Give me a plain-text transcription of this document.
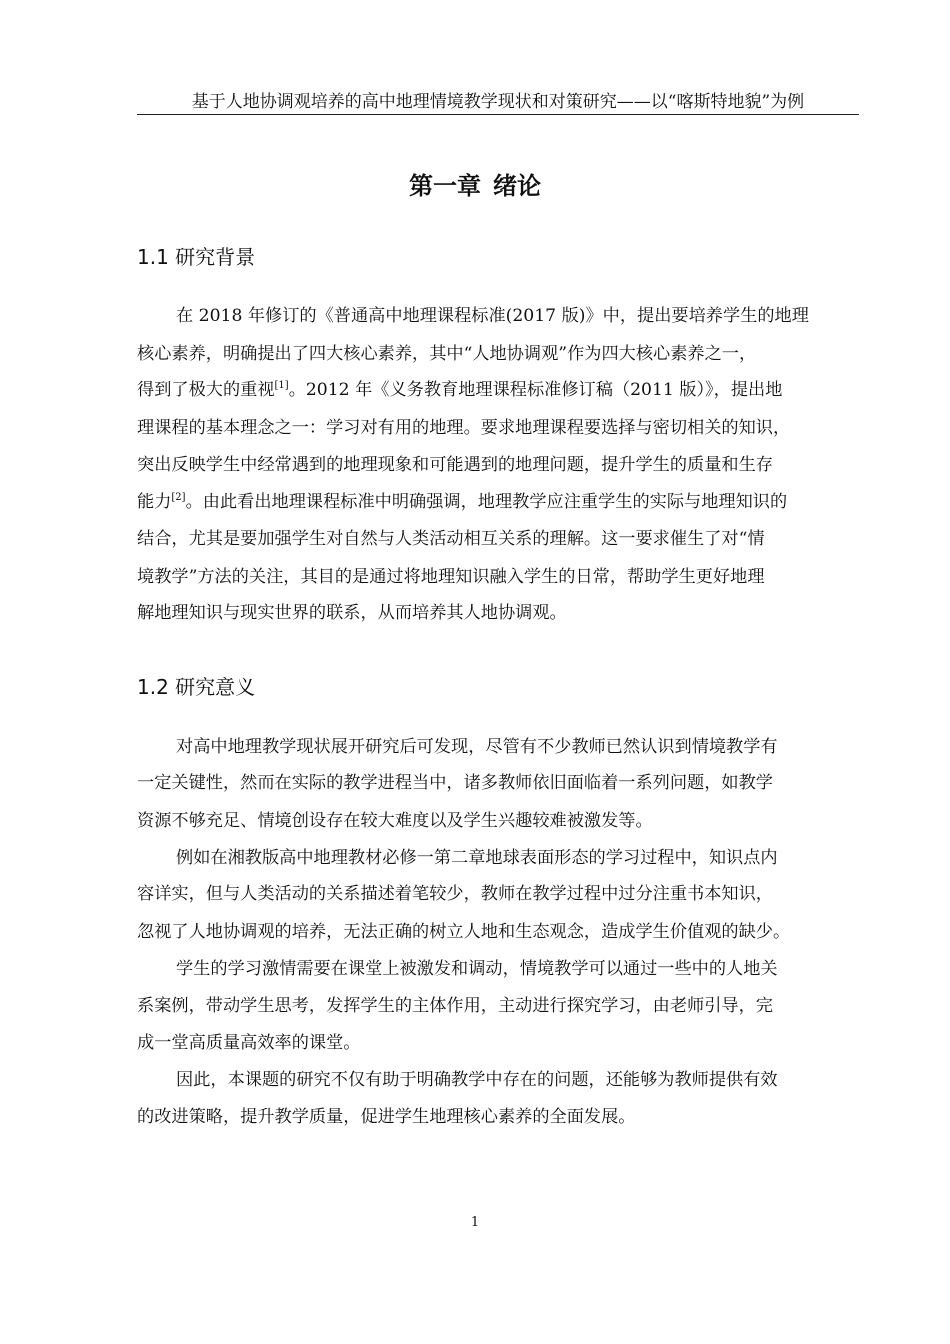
基于人地协调观培养的高中地理情境教学现状和对策研究——以“喀斯特地貌”为例
第一章 绪论
1.1 研究背景
在 2018 年修订的《普通高中地理课程标准(2017 版)》中，提出要培养学生的地理
核心素养，明确提出了四大核心素养，其中“人地协调观”作为四大核心素养之一，
得到了极大的重视[1]。2012 年《义务教育地理课程标准修订稿（2011 版）》，提出地
理课程的基本理念之一：学习对有用的地理。要求地理课程要选择与密切相关的知识，
突出反映学生中经常遇到的地理现象和可能遇到的地理问题，提升学生的质量和生存
能力[2]。由此看出地理课程标准中明确强调，地理教学应注重学生的实际与地理知识的
结合，尤其是要加强学生对自然与人类活动相互关系的理解。这一要求催生了对“情
境教学”方法的关注，其目的是通过将地理知识融入学生的日常，帮助学生更好地理
解地理知识与现实世界的联系，从而培养其人地协调观。
1.2 研究意义
对高中地理教学现状展开研究后可发现，尽管有不少教师已然认识到情境教学有
一定关键性，然而在实际的教学进程当中，诸多教师依旧面临着一系列问题，如教学
资源不够充足、情境创设存在较大难度以及学生兴趣较难被激发等。
例如在湘教版高中地理教材必修一第二章地球表面形态的学习过程中，知识点内
容详实，但与人类活动的关系描述着笔较少，教师在教学过程中过分注重书本知识，
忽视了人地协调观的培养，无法正确的树立人地和生态观念，造成学生价值观的缺少。
学生的学习激情需要在课堂上被激发和调动，情境教学可以通过一些中的人地关
系案例，带动学生思考，发挥学生的主体作用，主动进行探究学习，由老师引导，完
成一堂高质量高效率的课堂。
因此，本课题的研究不仅有助于明确教学中存在的问题，还能够为教师提供有效
的改进策略，提升教学质量，促进学生地理核心素养的全面发展。
1
